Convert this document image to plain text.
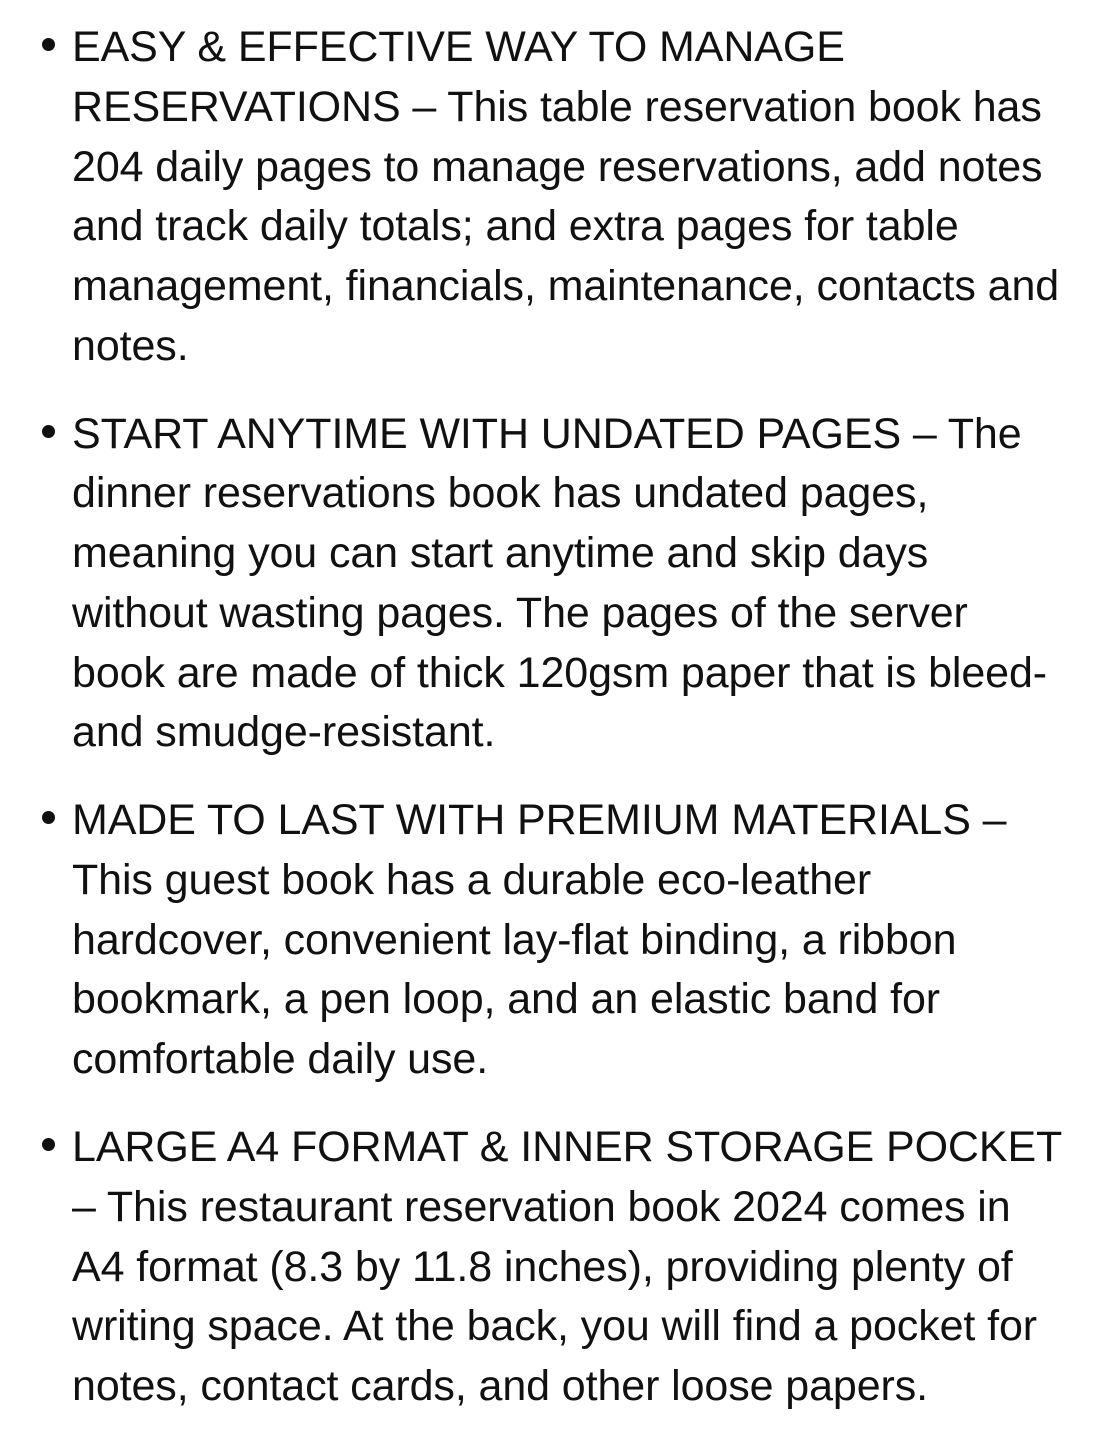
EASY & EFFECTIVE WAY TO MANAGE RESERVATIONS – This table reservation book has 204 daily pages to manage reservations, add notes and track daily totals; and extra pages for table management, financials, maintenance, contacts and notes.
START ANYTIME WITH UNDATED PAGES – The dinner reservations book has undated pages, meaning you can start anytime and skip days without wasting pages. The pages of the server book are made of thick 120gsm paper that is bleed- and smudge-resistant.
MADE TO LAST WITH PREMIUM MATERIALS – This guest book has a durable eco-leather hardcover, convenient lay-flat binding, a ribbon bookmark, a pen loop, and an elastic band for comfortable daily use.
LARGE A4 FORMAT & INNER STORAGE POCKET – This restaurant reservation book 2024 comes in A4 format (8.3 by 11.8 inches), providing plenty of writing space. At the back, you will find a pocket for notes, contact cards, and other loose papers.
